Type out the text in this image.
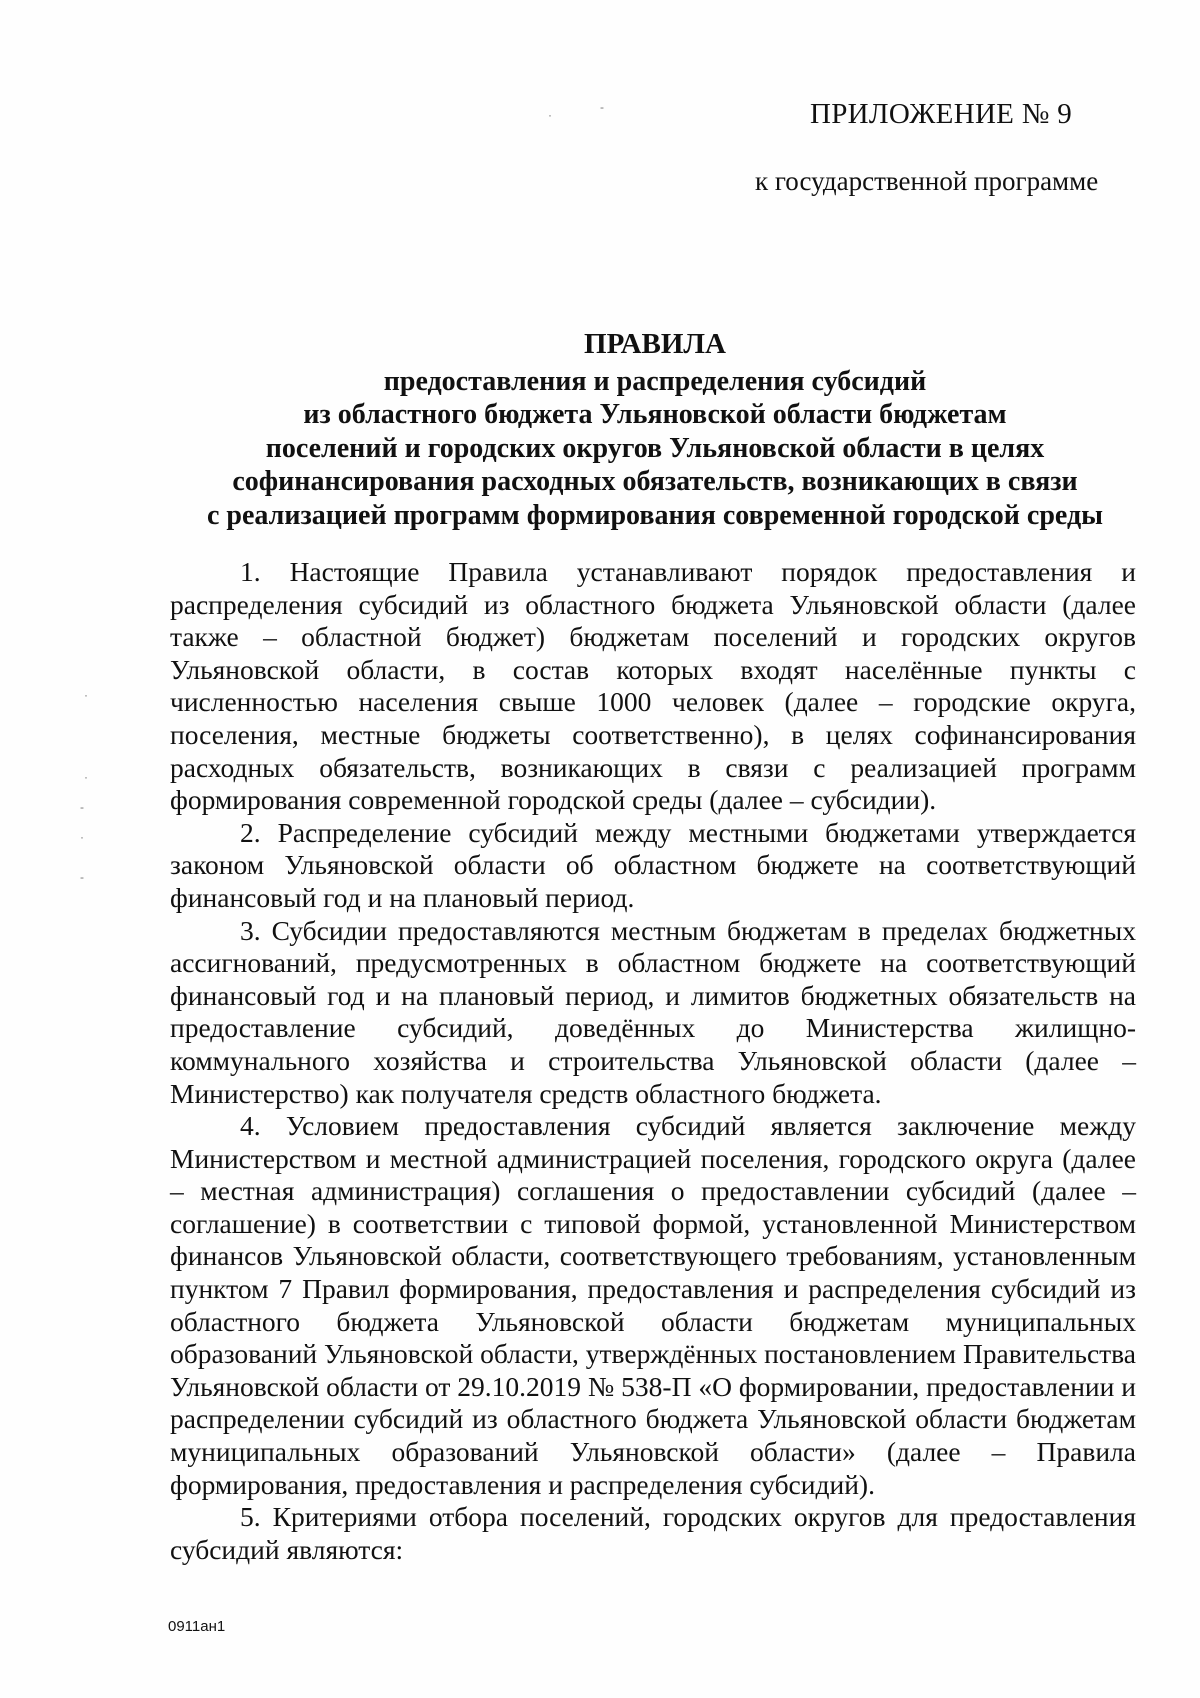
ПРИЛОЖЕНИЕ № 9
к государственной программе
ПРАВИЛА
предоставления и распределения субсидий
из областного бюджета Ульяновской области бюджетам
поселений и городских округов Ульяновской области в целях
софинансирования расходных обязательств, возникающих в связи
с реализацией программ формирования современной городской среды

1. Настоящие Правила устанавливают порядок предоставления и распределения субсидий из областного бюджета Ульяновской области (далее также – областной бюджет) бюджетам поселений и городских округов Ульяновской области, в состав которых входят населённые пункты с численностью населения свыше 1000 человек (далее – городские округа, поселения, местные бюджеты соответственно), в целях софинансирования расходных обязательств, возникающих в связи с реализацией программ формирования современной городской среды (далее – субсидии).

2. Распределение субсидий между местными бюджетами утверждается законом Ульяновской области об областном бюджете на соответствующий финансовый год и на плановый период.

3. Субсидии предоставляются местным бюджетам в пределах бюджетных ассигнований, предусмотренных в областном бюджете на соответствующий финансовый год и на плановый период, и лимитов бюджетных обязательств на предоставление субсидий, доведённых до Министерства жилищно-коммунального хозяйства и строительства Ульяновской области (далее – Министерство) как получателя средств областного бюджета.

4. Условием предоставления субсидий является заключение между Министерством и местной администрацией поселения, городского округа (далее – местная администрация) соглашения о предоставлении субсидий (далее – соглашение) в соответствии с типовой формой, установленной Министерством финансов Ульяновской области, соответствующего требованиям, установленным пунктом 7 Правил формирования, предоставления и распределения субсидий из областного бюджета Ульяновской области бюджетам муниципальных образований Ульяновской области, утверждённых постановлением Правительства Ульяновской области от 29.10.2019 № 538-П «О формировании, предоставлении и распределении субсидий из областного бюджета Ульяновской области бюджетам муниципальных образований Ульяновской области» (далее – Правила формирования, предоставления и распределения субсидий).

5. Критериями отбора поселений, городских округов для предоставления субсидий являются:

0911ан1
·
·
-
·
-
·
-
